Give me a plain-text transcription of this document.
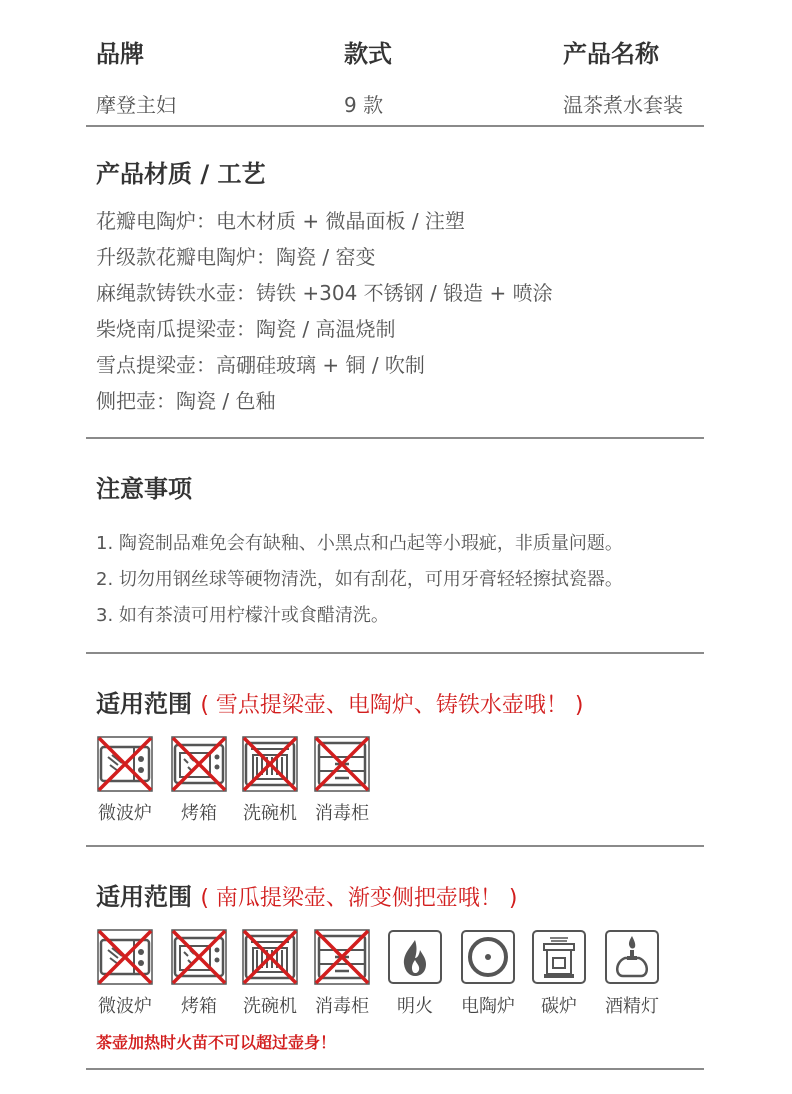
品牌	款式	产品名称
摩登主妇	9 款	温茶煮水套装
产品材质 / 工艺
花瓣电陶炉：电木材质 + 微晶面板 / 注塑
升级款花瓣电陶炉：陶瓷 / 窑变
麻绳款铸铁水壶：铸铁 +304 不锈钢 / 锻造 + 喷涂
柴烧南瓜提梁壶：陶瓷 / 高温烧制
雪点提梁壶：高硼硅玻璃 + 铜 / 吹制
侧把壶：陶瓷 / 色釉
注意事项
1. 陶瓷制品难免会有缺釉、小黑点和凸起等小瑕疵，非质量问题。
2. 切勿用钢丝球等硬物清洗，如有刮花，可用牙膏轻轻擦拭瓷器。
3. 如有茶渍可用柠檬汁或食醋清洗。
适用范围 ( 雪点提梁壶、电陶炉、铸铁水壶哦！ )
微波炉	烤箱	洗碗机	消毒柜
适用范围 ( 南瓜提梁壶、渐变侧把壶哦！ )
微波炉	烤箱	洗碗机	消毒柜	明火	电陶炉	碳炉	酒精灯
茶壶加热时火苗不可以超过壶身！
